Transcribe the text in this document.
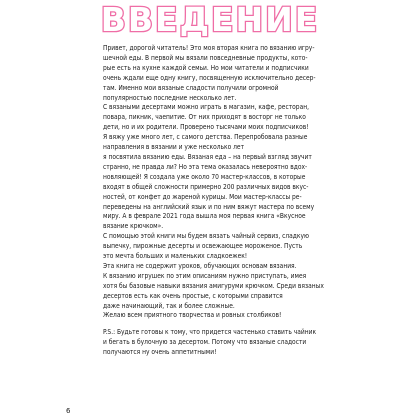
ВВЕДЕНИЕ

Привет, дорогой читатель! Это моя вторая книга по вязанию игру-

шечной еды. В первой мы вязали повседневные продукты, кото-

рые есть на кухне каждой семьи. Но мои читатели и подписчики

очень ждали еще одну книгу, посвященную исключительно десер-

там. Именно мои вязаные сладости получили огромной

популярностью последние несколько лет.

С вязаными десертами можно играть в магазин, кафе, ресторан,

повара, пикник, чаепитие. От них приходят в восторг не только

дети, но и их родители. Проверено тысячами моих подписчиков!

Я вяжу уже много лет, с самого детства. Перепробовала разные

направления в вязании и уже несколько лет

я посвятила вязанию еды. Вязаная еда – на первый взгляд звучит

странно, не правда ли? Но эта тема оказалась невероятно вдох-

новляющей! Я создала уже около 70 мастер-классов, в которые

входят в общей сложности примерно 200 различных видов вкус-

ностей, от конфет до жареной курицы. Мои мастер-классы ре-

переведены на английский язык и по ним вяжут мастера по всему

миру. А в феврале 2021 года вышла моя первая книга «Вкусное

вязание крючком».

С помощью этой книги мы будем вязать чайный сервиз, сладкую

выпечку, пирожные десерты и освежающее мороженое. Пусть

это мечта больших и маленьких сладкоежек!

Эта книга не содержит уроков, обучающих основам вязания.

К вязанию игрушек по этим описаниям нужно приступать, имея

хотя бы базовые навыки вязания амигуруми крючком. Среди вязаных

десертов есть как очень простые, с которыми справится

даже начинающий, так и более сложные.

Желаю всем приятного творчества и ровных столбиков!

P.S.: Будьте готовы к тому, что придется частенько ставить чайник

и бегать в булочную за десертом. Потому что вязаные сладости

получаются ну очень аппетитными!

6
